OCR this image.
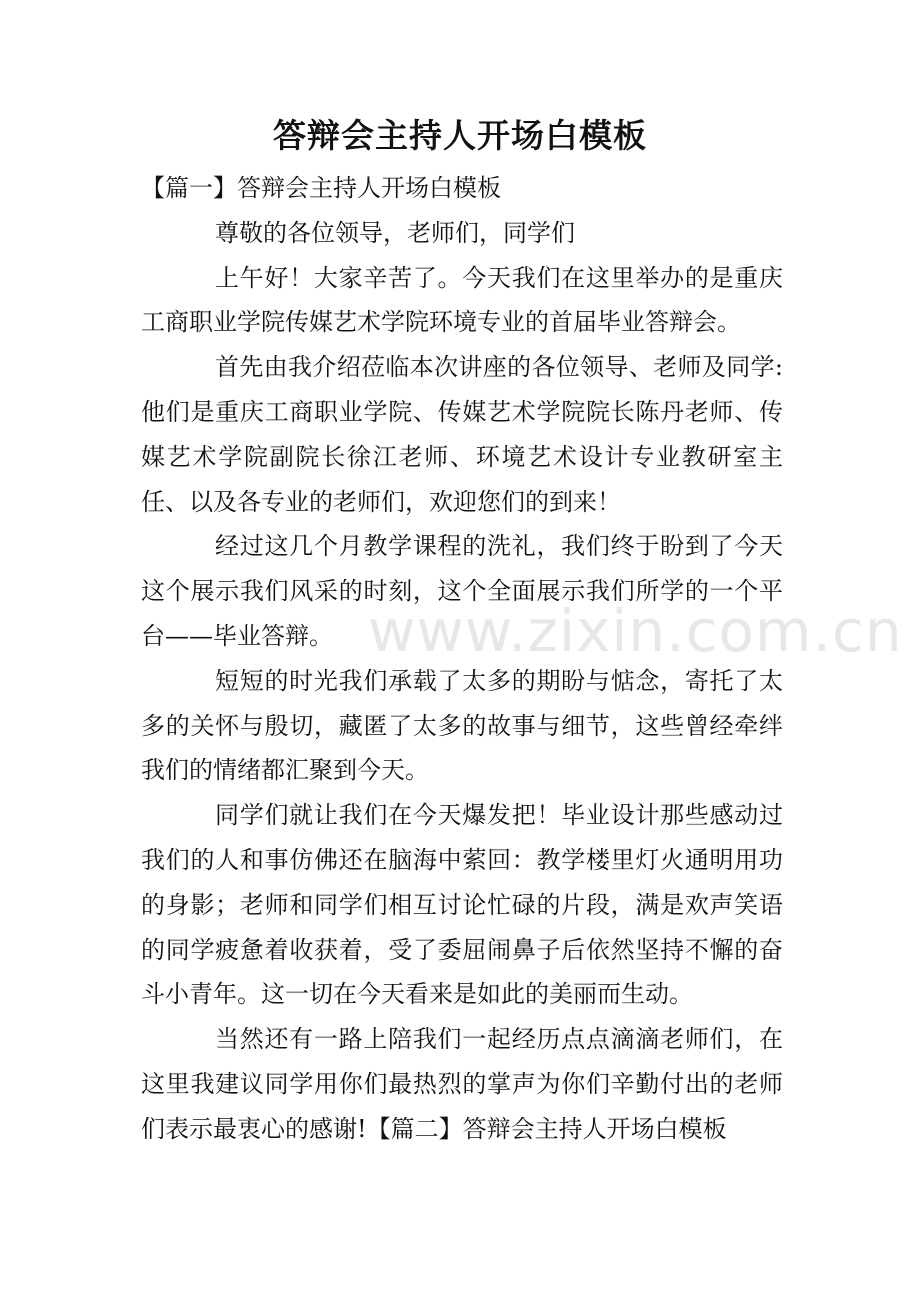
答辩会主持人开场白模板

【篇一】答辩会主持人开场白模板

尊敬的各位领导，老师们，同学们

上午好！大家辛苦了。今天我们在这里举办的是重庆工商职业学院传媒艺术学院环境专业的首届毕业答辩会。

首先由我介绍莅临本次讲座的各位领导、老师及同学:他们是重庆工商职业学院、传媒艺术学院院长陈丹老师、传媒艺术学院副院长徐江老师、环境艺术设计专业教研室主任、以及各专业的老师们，欢迎您们的到来！

经过这几个月教学课程的洗礼，我们终于盼到了今天这个展示我们风采的时刻，这个全面展示我们所学的一个平台——毕业答辩。

短短的时光我们承载了太多的期盼与惦念，寄托了太多的关怀与殷切，藏匿了太多的故事与细节，这些曾经牵绊我们的情绪都汇聚到今天。

同学们就让我们在今天爆发把！毕业设计那些感动过我们的人和事仿佛还在脑海中萦回：教学楼里灯火通明用功的身影；老师和同学们相互讨论忙碌的片段，满是欢声笑语的同学疲惫着收获着，受了委屈闹鼻子后依然坚持不懈的奋斗小青年。这一切在今天看来是如此的美丽而生动。

当然还有一路上陪我们一起经历点点滴滴老师们，在这里我建议同学用你们最热烈的掌声为你们辛勤付出的老师们表示最衷心的感谢!【篇二】答辩会主持人开场白模板

www.zixin.com.cn
